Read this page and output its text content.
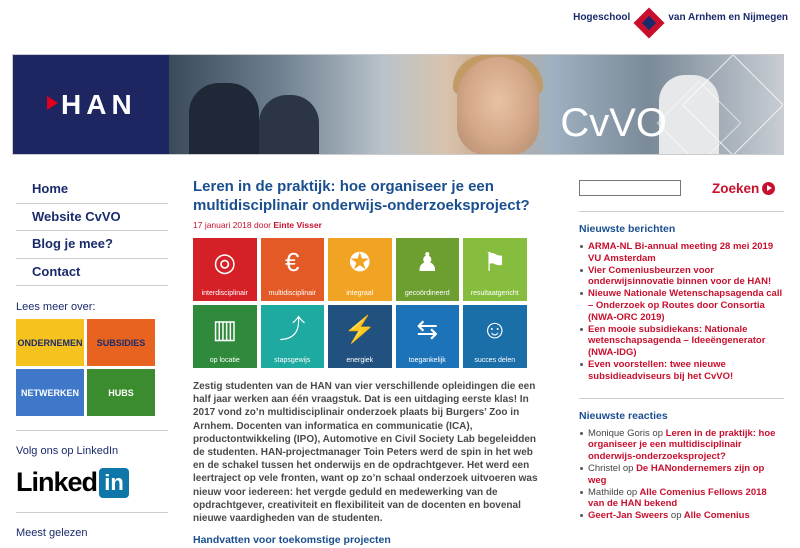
Hogeschool	van Arnhem en Nijmegen
HAN	CvVO
Home
Website CvVO
Blog je mee?
Contact
Lees meer over:
ONDERNEMEN	SUBSIDIES
NETWERKEN	HUBS
Volg ons op LinkedIn
Linked in
Meest gelezen
Leren in de praktijk: hoe organiseer je een multidisciplinair onderwijs-onderzoeksproject?
17 januari 2018 door Einte Visser
◎
interdisciplinair
€
multidisciplinair
✪
integraal
♟
gecoördineerd
⚑
resultaatgericht
▥
op locatie
⤴
stapsgewijs
⚡
energiek
⇆
toegankelijk
☺
succes delen

Zestig studenten van de HAN van vier verschillende opleidingen die een half jaar werken aan één vraagstuk. Dat is een uitdaging eerste klas! In 2017 vond zo’n multidisciplinair onderzoek plaats bij Burgers’ Zoo in Arnhem. Docenten van informatica en communicatie (ICA), productontwikkeling (IPO), Automotive en Civil Society Lab begeleidden de studenten. HAN-projectmanager Toin Peters werd de spin in het web en de schakel tussen het onderwijs en de opdrachtgever. Het werd een leertraject op vele fronten, want op zo’n schaal onderzoek uitvoeren was nieuw voor iedereen: het vergde geduld en medewerking van de opdrachtgever, creativiteit en flexibiliteit van de docenten en bovenal nieuwe vaardigheden van de studenten.

Handvatten voor toekomstige projecten
Zoeken
Nieuwste berichten
ARMA-NL Bi-annual meeting 28 mei 2019 VU Amsterdam
Vier Comeniusbeurzen voor onderwijsinnovatie binnen voor de HAN!
Nieuwe Nationale Wetenschapsagenda call – Onderzoek op Routes door Consortia (NWA-ORC 2019)
Een mooie subsidiekans: Nationale wetenschapsagenda – Ideeëngenerator (NWA-IDG)
Even voorstellen: twee nieuwe subsidieadviseurs bij het CvVO!
Nieuwste reacties
Monique Goris op Leren in de praktijk: hoe organiseer je een multidisciplinair onderwijs-onderzoeksproject?
Christel op De HANondernemers zijn op weg
Mathilde op Alle Comenius Fellows 2018 van de HAN bekend
Geert-Jan Sweers op Alle Comenius
